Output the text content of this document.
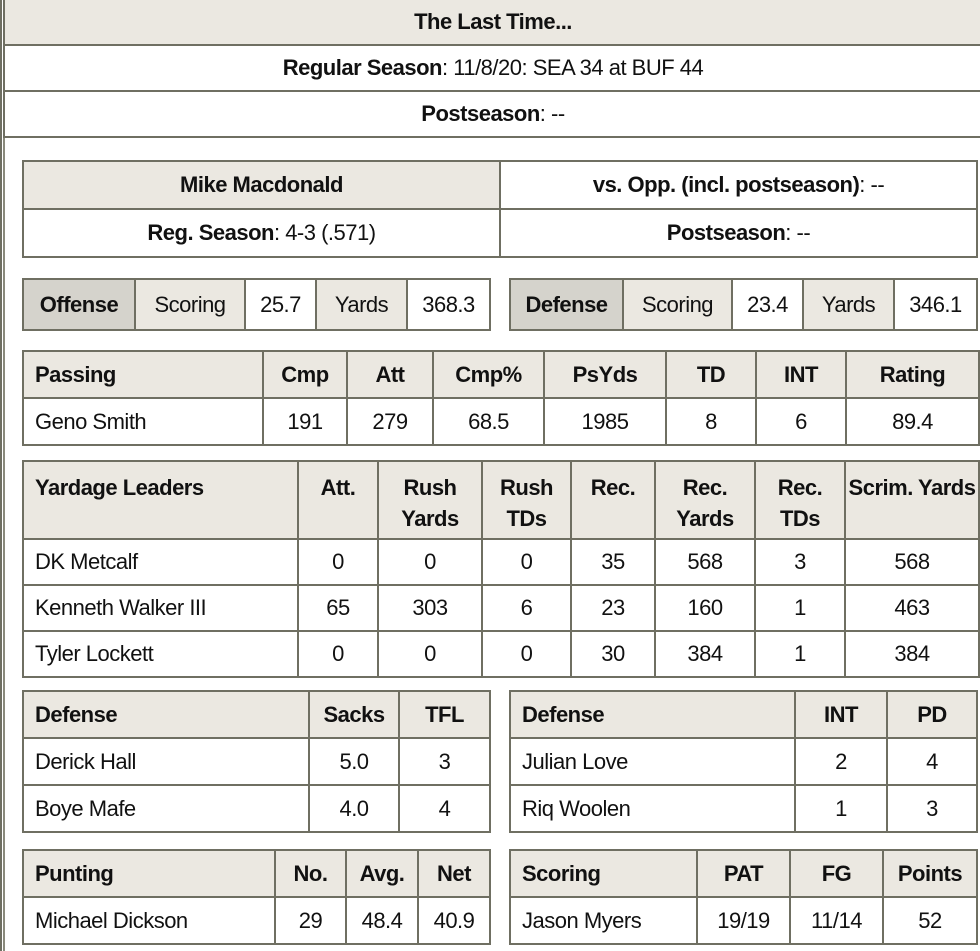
The Last Time...
Regular Season: 11/8/20: SEA 34 at BUF 44
Postseason: --
Mike Macdonald	vs. Opp. (incl. postseason): --
Reg. Season: 4-3 (.571)	Postseason: --
Offense	Scoring	25.7	Yards	368.3 Defense	Scoring	23.4	Yards	346.1
Passing	Cmp	Att	Cmp%	PsYds	TD	INT	Rating
Geno Smith	191	279	68.5	1985	8	6	89.4
Yardage Leaders	Att.	Rush Yards	Rush TDs	Rec.	Rec. Yards	Rec. TDs	Scrim. Yards
DK Metcalf	0	0	0	35	568	3	568
Kenneth Walker III	65	303	6	23	160	1	463
Tyler Lockett	0	0	0	30	384	1	384
Defense	Sacks	TFL
Derick Hall	5.0	3
Boye Mafe	4.0	4
Defense	INT	PD
Julian Love	2	4
Riq Woolen	1	3
Punting	No.	Avg.	Net
Michael Dickson	29	48.4	40.9
Scoring	PAT	FG	Points
Jason Myers	19/19	11/14	52
